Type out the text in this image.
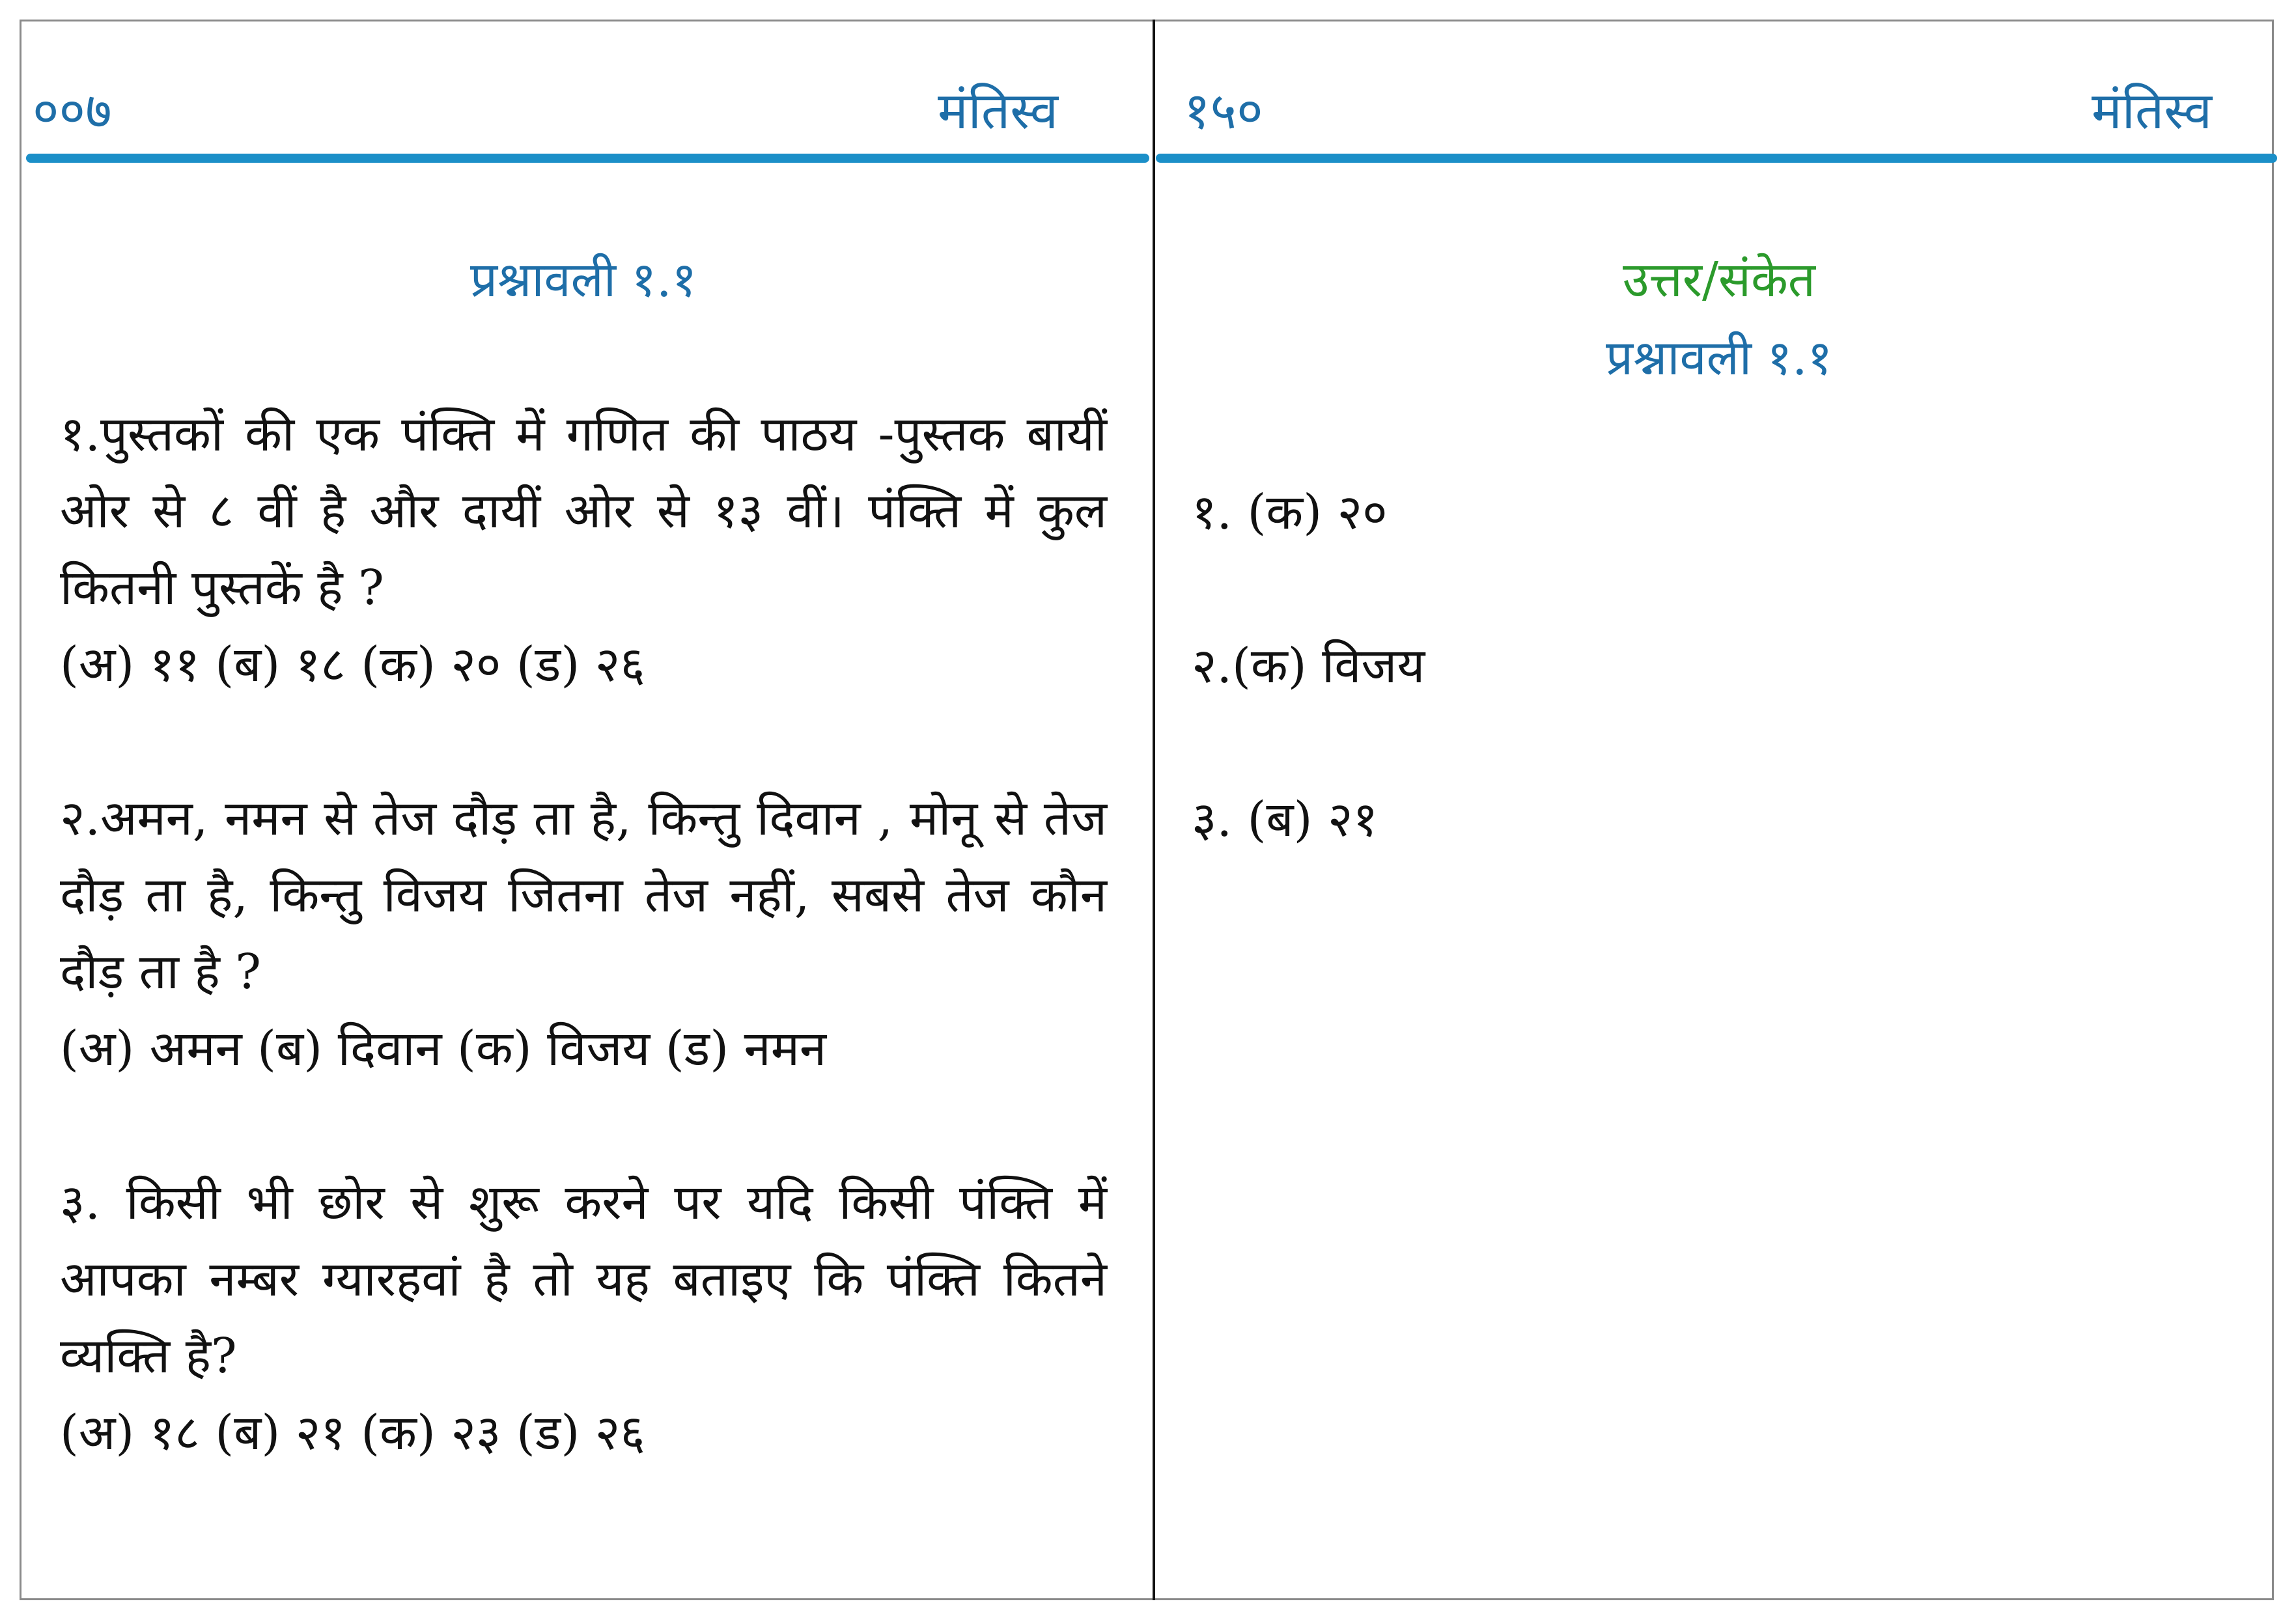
००७	मंतिस्व १५०	मंतिस्व
प्रश्नावली १.१
१.पुस्तकों की एक पंक्ति में गणित की पाठय -पुस्तक बायीं ओर से ८ वीं है और दायीं ओर से १३ वीं। पंक्ति में कुल कितनी पुस्तकें है ?
(अ) ११ (ब) १८ (क) २० (ड) २६
२.अमन, नमन से तेज दौड़ ता है, किन्तु दिवान , मोनू से तेज दौड़ ता है, किन्तु विजय जितना तेज नहीं, सबसे तेज कौन दौड़ ता है ?
(अ) अमन (ब) दिवान (क) विजय (ड) नमन
३. किसी भी छोर से शुरू करने पर यदि किसी पंक्ति में आपका नम्बर ग्यारहवां है तो यह बताइए कि पंक्ति कितने व्यक्ति है?
(अ) १८ (ब) २१ (क) २३ (ड) २६
उत्तर/संकेत
प्रश्नावली १.१
१. (क) २०
२.(क) विजय
३. (ब) २१
